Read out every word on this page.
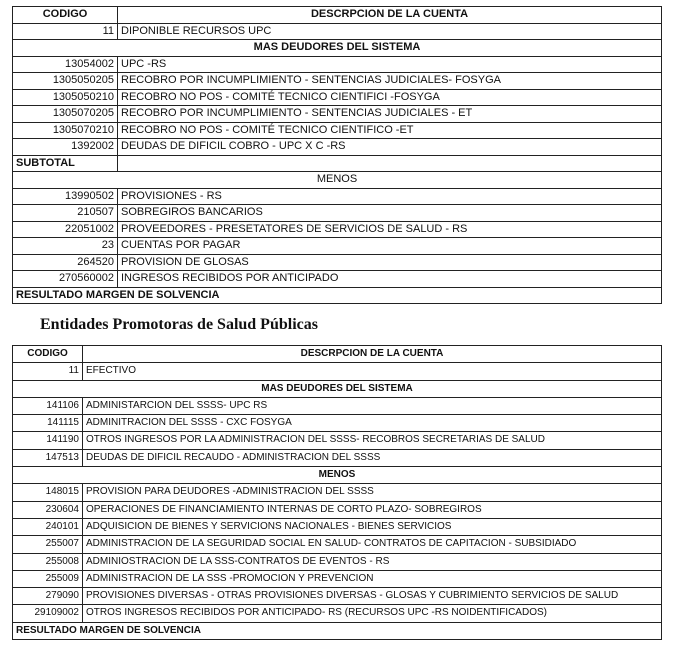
CODIGO	DESCRPCION DE LA CUENTA
11	DIPONIBLE RECURSOS UPC
MAS DEUDORES DEL SISTEMA	
13054002	UPC -RS
1305050205	RECOBRO POR INCUMPLIMIENTO - SENTENCIAS JUDICIALES- FOSYGA
1305050210	RECOBRO NO POS - COMITÉ TECNICO CIENTIFICI -FOSYGA
1305070205	RECOBRO POR INCUMPLIMIENTO - SENTENCIAS JUDICIALES - ET
1305070210	RECOBRO NO POS - COMITÉ TECNICO CIENTIFICO -ET
1392002	DEUDAS DE DIFICIL COBRO - UPC X C -RS
SUBTOTAL	
MENOS	
13990502	PROVISIONES - RS
210507	SOBREGIROS BANCARIOS
22051002	PROVEEDORES - PRESETATORES DE SERVICIOS DE SALUD - RS
23	CUENTAS POR PAGAR
264520	PROVISION DE GLOSAS
270560002	INGRESOS RECIBIDOS POR ANTICIPADO
RESULTADO MARGEN DE SOLVENCIA	
Entidades Promotoras de Salud Públicas
CODIGO	DESCRPCION DE LA CUENTA
11	EFECTIVO
MAS DEUDORES DEL SISTEMA	
141106	ADMINISTARCION DEL SSSS- UPC RS
141115	ADMINITRACION DEL SSSS - CXC FOSYGA
141190	OTROS INGRESOS POR LA ADMINISTRACION DEL SSSS- RECOBROS SECRETARIAS DE SALUD
147513	DEUDAS DE DIFICIL RECAUDO - ADMINISTRACION DEL SSSS
MENOS	
148015	PROVISION PARA DEUDORES -ADMINISTRACION DEL SSSS
230604	OPERACIONES DE FINANCIAMIENTO INTERNAS DE CORTO PLAZO- SOBREGIROS
240101	ADQUISICION DE BIENES Y SERVICIONS NACIONALES - BIENES SERVICIOS
255007	ADMINISTRACION DE LA SEGURIDAD SOCIAL EN SALUD- CONTRATOS DE CAPITACION - SUBSIDIADO
255008	ADMINIOSTRACION DE LA SSS-CONTRATOS DE EVENTOS - RS
255009	ADMINISTRACION DE LA SSS -PROMOCION Y PREVENCION
279090	PROVISIONES DIVERSAS - OTRAS PROVISIONES DIVERSAS - GLOSAS Y CUBRIMIENTO SERVICIOS DE SALUD
29109002	OTROS INGRESOS RECIBIDOS POR ANTICIPADO- RS (RECURSOS UPC -RS NOIDENTIFICADOS)
RESULTADO MARGEN DE SOLVENCIA	
